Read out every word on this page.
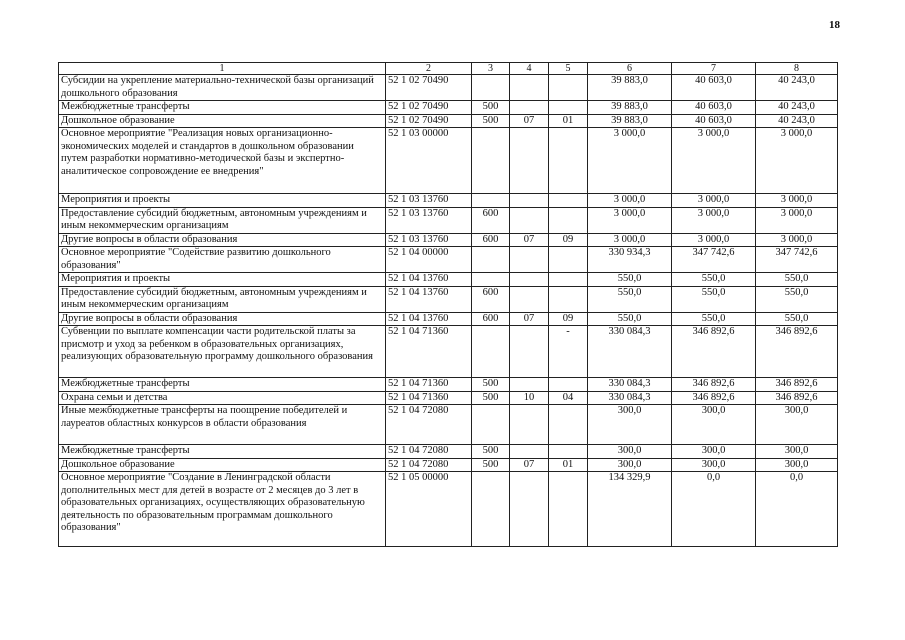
18
1	2	3	4	5	6	7	8
Субсидии на укрепление материально-технической базы организаций дошкольного образования	52 1 02 70490				39 883,0	40 603,0	40 243,0
Межбюджетные трансферты	52 1 02 70490	500			39 883,0	40 603,0	40 243,0
Дошкольное образование	52 1 02 70490	500	07	01	39 883,0	40 603,0	40 243,0
Основное мероприятие "Реализация новых организационно-экономических моделей и стандартов в дошкольном образовании путем разработки нормативно-методической базы и экспертно-аналитическое сопровождение ее внедрения"	52 1 03 00000				3 000,0	3 000,0	3 000,0
Мероприятия и проекты	52 1 03 13760				3 000,0	3 000,0	3 000,0
Предоставление субсидий бюджетным, автономным учреждениям и иным некоммерческим организациям	52 1 03 13760	600			3 000,0	3 000,0	3 000,0
Другие вопросы в области образования	52 1 03 13760	600	07	09	3 000,0	3 000,0	3 000,0
Основное мероприятие "Содействие развитию дошкольного образования"	52 1 04 00000				330 934,3	347 742,6	347 742,6
Мероприятия и проекты	52 1 04 13760				550,0	550,0	550,0
Предоставление субсидий бюджетным, автономным учреждениям и иным некоммерческим организациям	52 1 04 13760	600			550,0	550,0	550,0
Другие вопросы в области образования	52 1 04 13760	600	07	09	550,0	550,0	550,0
Субвенции по выплате компенсации части родительской платы за присмотр и уход за ребенком в образовательных организациях, реализующих образовательную программу дошкольного образования	52 1 04 71360			-	330 084,3	346 892,6	346 892,6
Межбюджетные трансферты	52 1 04 71360	500			330 084,3	346 892,6	346 892,6
Охрана семьи и детства	52 1 04 71360	500	10	04	330 084,3	346 892,6	346 892,6
Иные межбюджетные трансферты на поощрение победителей и лауреатов областных конкурсов в области образования	52 1 04 72080				300,0	300,0	300,0
Межбюджетные трансферты	52 1 04 72080	500			300,0	300,0	300,0
Дошкольное образование	52 1 04 72080	500	07	01	300,0	300,0	300,0
Основное мероприятие "Создание в Ленинградской области дополнительных мест для детей в возрасте от 2 месяцев до 3 лет в образовательных организациях, осуществляющих образовательную деятельность по образовательным программам дошкольного образования"	52 1 05 00000				134 329,9	0,0	0,0
